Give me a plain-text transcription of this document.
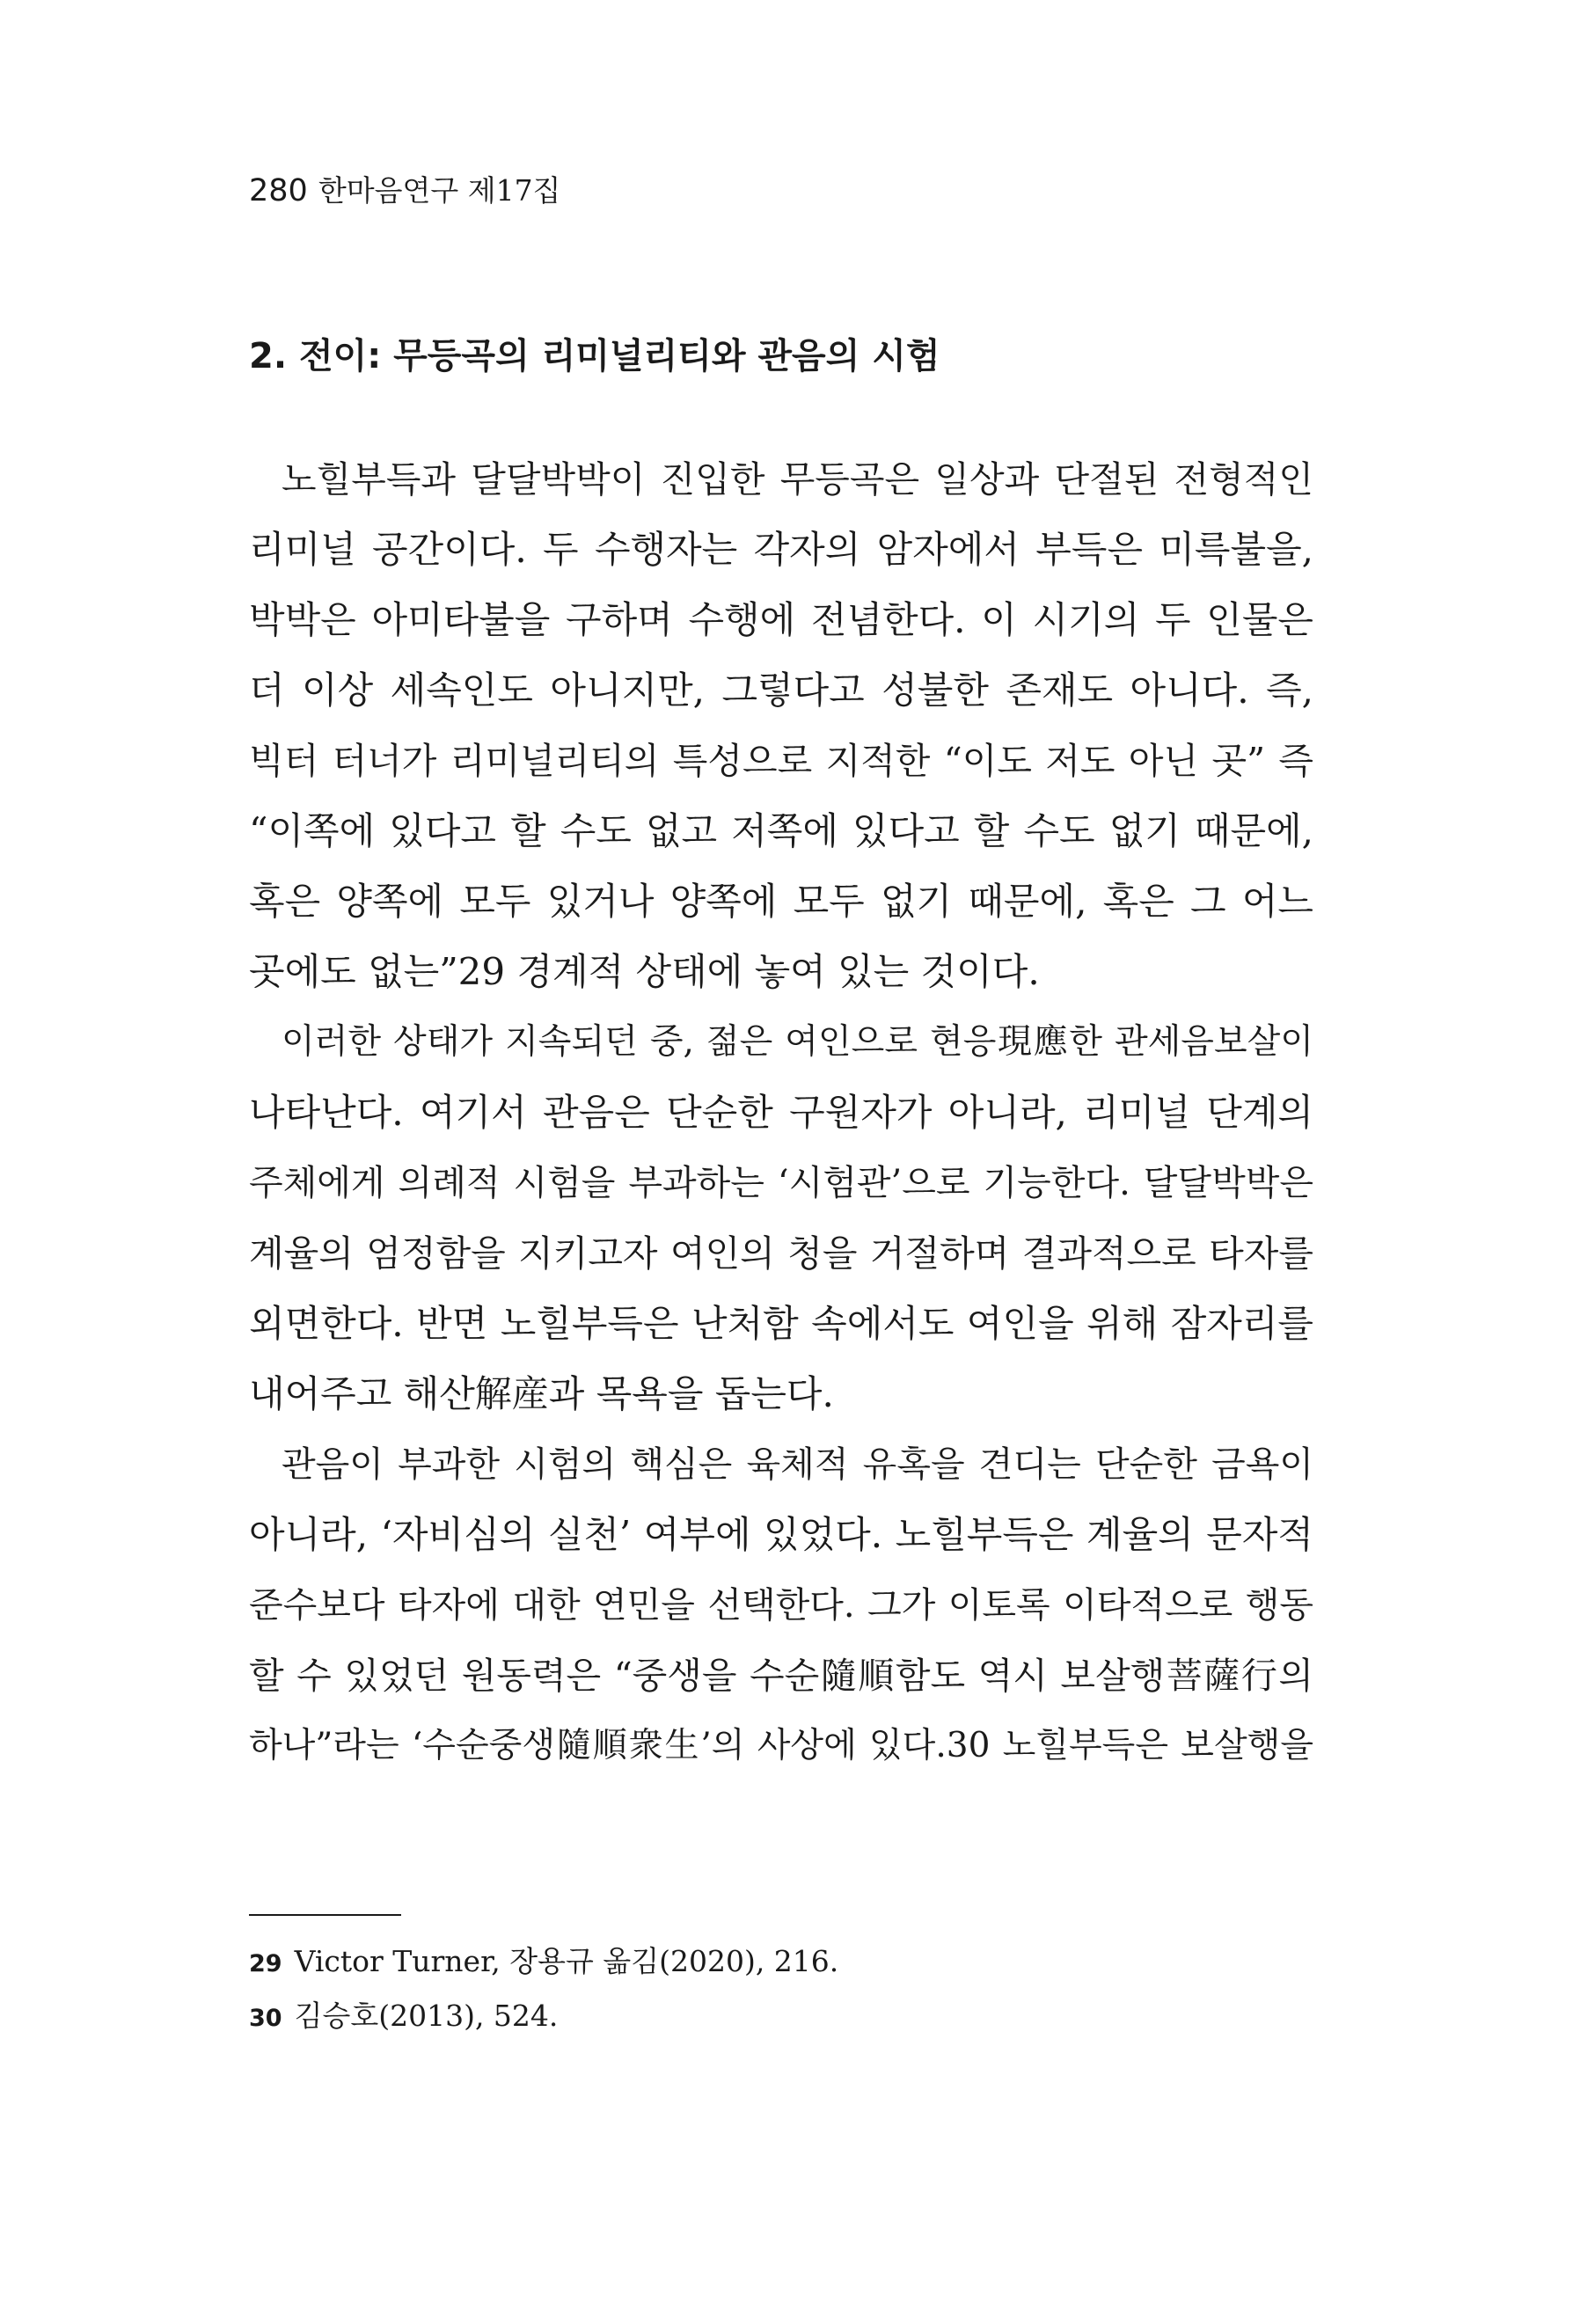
280 한마음연구 제17집
2. 전이: 무등곡의 리미널리티와 관음의 시험
노힐부득과 달달박박이 진입한 무등곡은 일상과 단절된 전형적인
리미널 공간이다. 두 수행자는 각자의 암자에서 부득은 미륵불을,
박박은 아미타불을 구하며 수행에 전념한다. 이 시기의 두 인물은
더 이상 세속인도 아니지만, 그렇다고 성불한 존재도 아니다. 즉,
빅터 터너가 리미널리티의 특성으로 지적한 “이도 저도 아닌 곳” 즉
“이쪽에 있다고 할 수도 없고 저쪽에 있다고 할 수도 없기 때문에,
혹은 양쪽에 모두 있거나 양쪽에 모두 없기 때문에, 혹은 그 어느
곳에도 없는”29 경계적 상태에 놓여 있는 것이다.
이러한 상태가 지속되던 중, 젊은 여인으로 현응現應한 관세음보살이
나타난다. 여기서 관음은 단순한 구원자가 아니라, 리미널 단계의
주체에게 의례적 시험을 부과하는 ‘시험관’으로 기능한다. 달달박박은
계율의 엄정함을 지키고자 여인의 청을 거절하며 결과적으로 타자를
외면한다. 반면 노힐부득은 난처함 속에서도 여인을 위해 잠자리를
내어주고 해산解産과 목욕을 돕는다.
관음이 부과한 시험의 핵심은 육체적 유혹을 견디는 단순한 금욕이
아니라, ‘자비심의 실천’ 여부에 있었다. 노힐부득은 계율의 문자적
준수보다 타자에 대한 연민을 선택한다. 그가 이토록 이타적으로 행동
할 수 있었던 원동력은 “중생을 수순隨順함도 역시 보살행菩薩行의
하나”라는 ‘수순중생隨順衆生’의 사상에 있다.30 노힐부득은 보살행을
29 Victor Turner, 장용규 옮김(2020), 216.
30 김승호(2013), 524.
